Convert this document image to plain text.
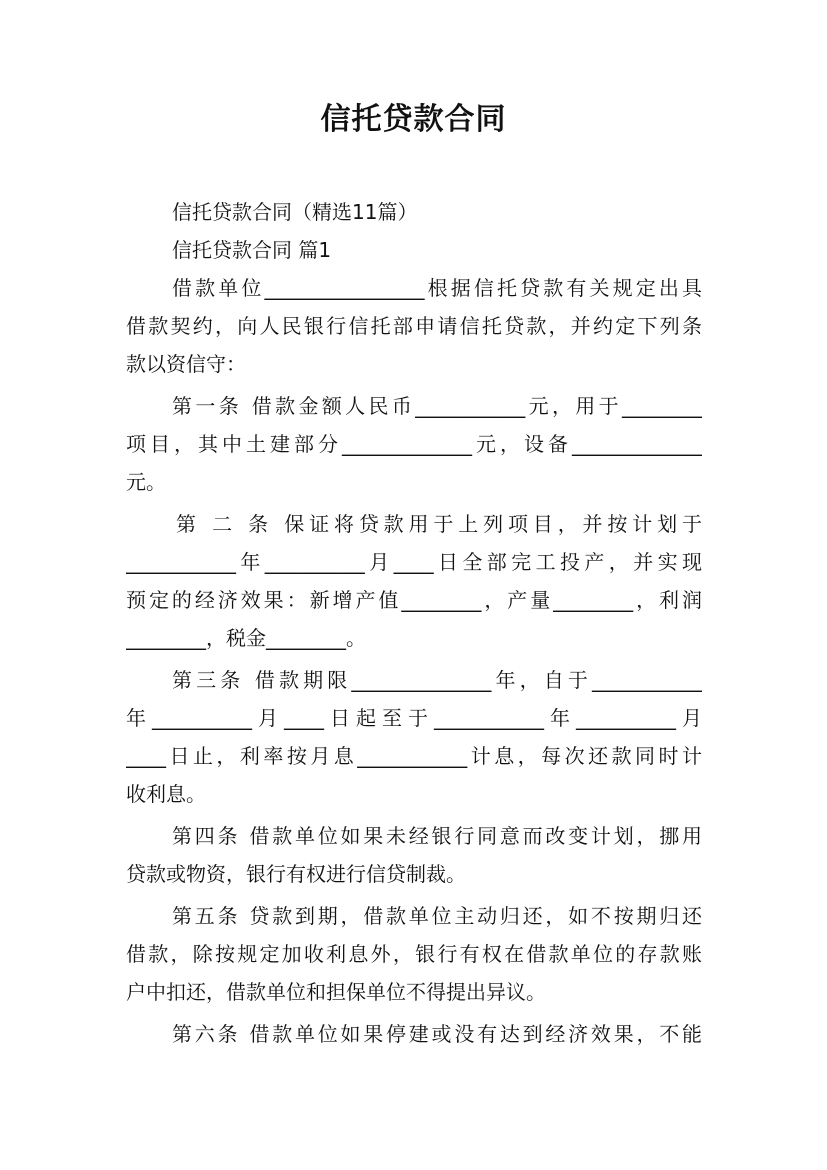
信托贷款合同
信托贷款合同（精选11篇）
信托贷款合同 篇1
借款单位________________根据信托贷款有关规定出具
借款契约，向人民银行信托部申请信托贷款，并约定下列条
款以资信守：
第一条 借款金额人民币___________元，用于________
项目，其中土建部分_____________元，设备_____________
元。
第 二 条 保证将贷款用于上列项目，并按计划于
___________年__________月____日全部完工投产，并实现
预定的经济效果：新增产值________，产量________，利润
________，税金________。
第三条 借款期限______________年，自于___________
年__________月____日起至于___________年__________月
____日止，利率按月息___________计息，每次还款同时计
收利息。
第四条 借款单位如果未经银行同意而改变计划，挪用
贷款或物资，银行有权进行信贷制裁。
第五条 贷款到期，借款单位主动归还，如不按期归还
借款，除按规定加收利息外，银行有权在借款单位的存款账
户中扣还，借款单位和担保单位不得提出异议。
第六条 借款单位如果停建或没有达到经济效果，不能
